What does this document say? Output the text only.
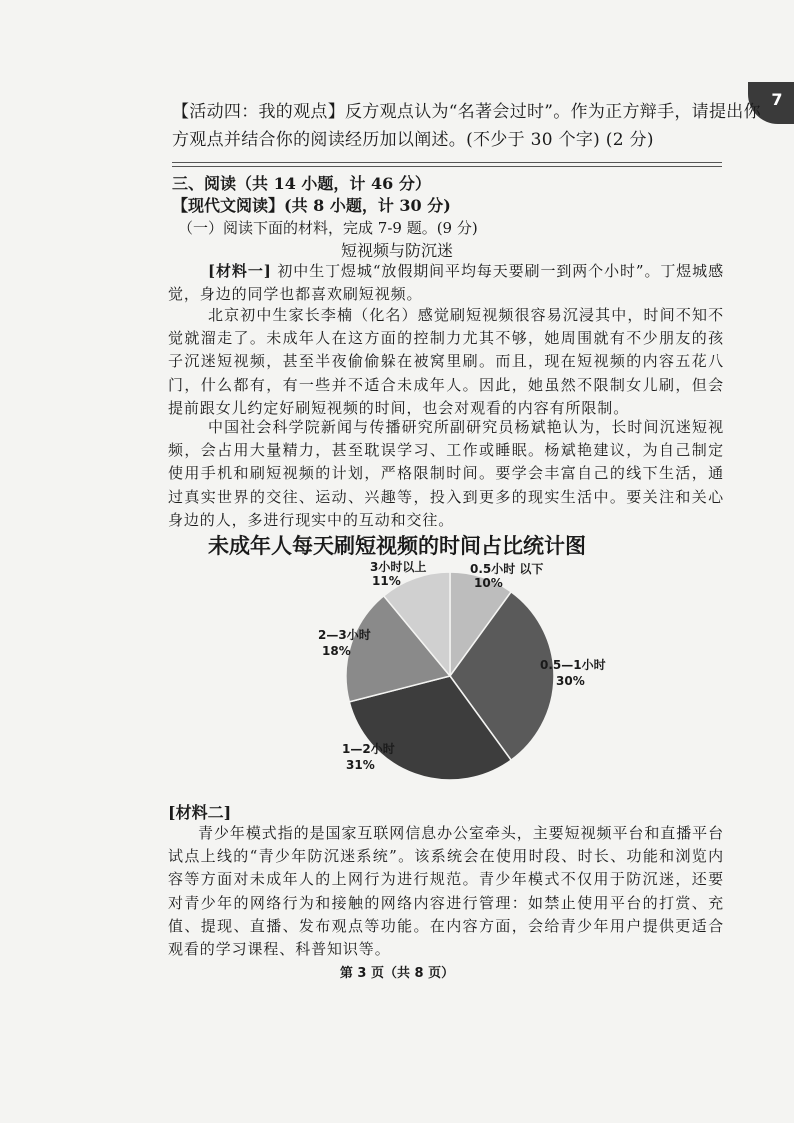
7
【活动四：我的观点】反方观点认为“名著会过时”。作为正方辩手，请提出你
方观点并结合你的阅读经历加以阐述。(不少于 30 个字) (2 分)
三、阅读（共 14 小题，计 46 分）
【现代文阅读】(共 8 小题，计 30 分)
（一）阅读下面的材料，完成 7-9 题。(9 分)
短视频与防沉迷
[材料一] 初中生丁煜城“放假期间平均每天要刷一到两个小时”。丁煜城感觉，身边的同学也都喜欢刷短视频。
北京初中生家长李楠（化名）感觉刷短视频很容易沉浸其中，时间不知不觉就溜走了。未成年人在这方面的控制力尤其不够，她周围就有不少朋友的孩子沉迷短视频，甚至半夜偷偷躲在被窝里刷。而且，现在短视频的内容五花八门，什么都有，有一些并不适合未成年人。因此，她虽然不限制女儿刷，但会提前跟女儿约定好刷短视频的时间，也会对观看的内容有所限制。
中国社会科学院新闻与传播研究所副研究员杨斌艳认为，长时间沉迷短视频，会占用大量精力，甚至耽误学习、工作或睡眠。杨斌艳建议，为自己制定使用手机和刷短视频的计划，严格限制时间。要学会丰富自己的线下生活，通过真实世界的交往、运动、兴趣等，投入到更多的现实生活中。要关注和关心身边的人，多进行现实中的互动和交往。
未成年人每天刷短视频的时间占比统计图
3小时以上
11%
0.5小时 以下
10%
2—3小时
18%
0.5—1小时
30%
1—2小时
31%
[材料二]
青少年模式指的是国家互联网信息办公室牵头，主要短视频平台和直播平台试点上线的“青少年防沉迷系统”。该系统会在使用时段、时长、功能和浏览内容等方面对未成年人的上网行为进行规范。青少年模式不仅用于防沉迷，还要对青少年的网络行为和接触的网络内容进行管理：如禁止使用平台的打赏、充值、提现、直播、发布观点等功能。在内容方面，会给青少年用户提供更适合观看的学习课程、科普知识等。
第 3 页（共 8 页）
